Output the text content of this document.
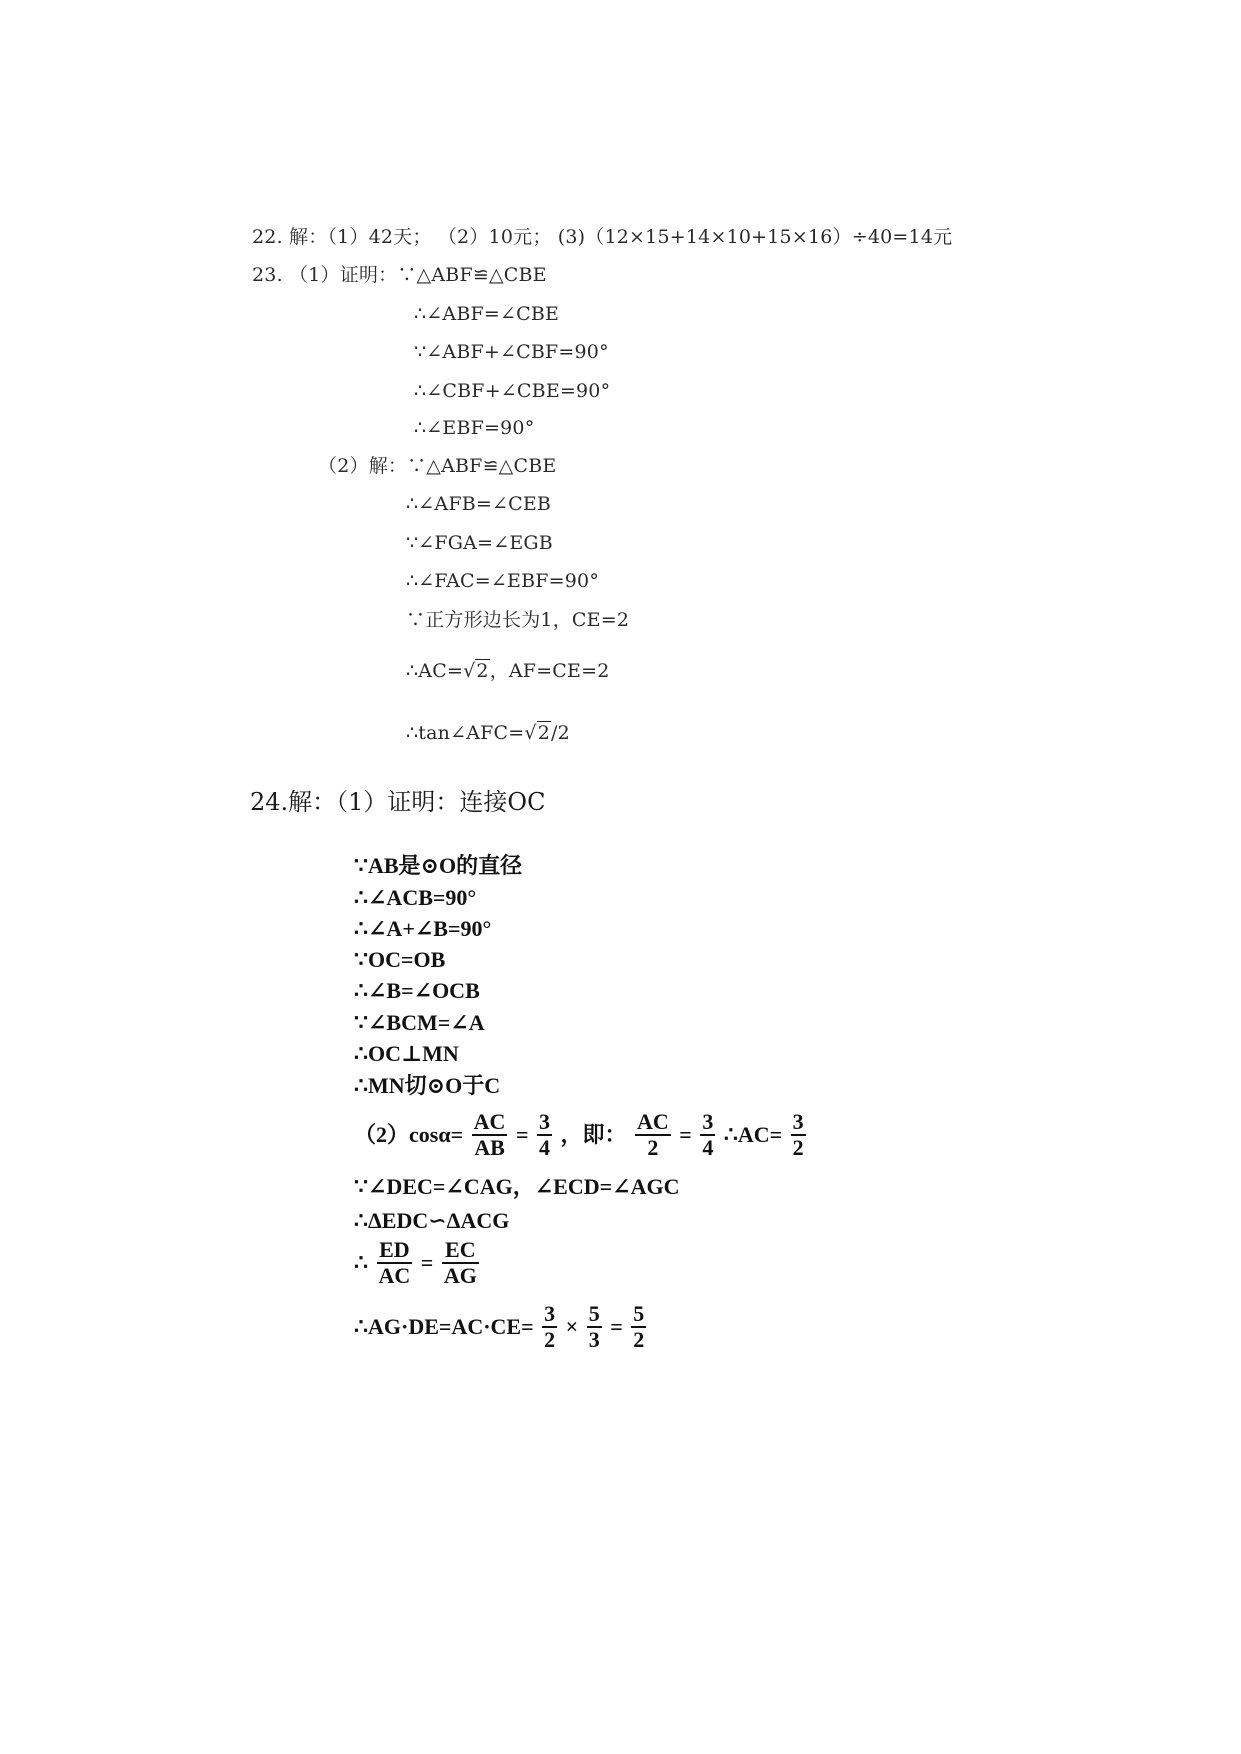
22. 解：（1）42天； （2）10元； (3)（12×15+14×10+15×16）÷40=14元
23. （1）证明：∵△ABF≌△CBE
∴∠ABF=∠CBE
∵∠ABF+∠CBF=90°
∴∠CBF+∠CBE=90°
∴∠EBF=90°
（2）解：∵△ABF≌△CBE
∴∠AFB=∠CEB
∵∠FGA=∠EGB
∴∠FAC=∠EBF=90°
∵正方形边长为1，CE=2
∴AC=√2，AF=CE=2
∴tan∠AFC=√2/2
24.解：（1）证明：连接OC
∵AB是⊙O的直径
∴∠ACB=90°
∴∠A+∠B=90°
∵OC=OB
∴∠B=∠OCB
∵∠BCM=∠A
∴OC⊥MN
∴MN切⊙O于C
$(2)\cos\alpha= \frac{AC}{AB} = \frac{3}{4}$ ，即： $\frac{AC}{2} = \frac{3}{4}$ ∴AC= $\frac{3}{2}$
∵∠DEC=∠CAG，∠ECD=∠AGC
∴ΔEDC∽ΔACG
∴ $\frac{ED}{AC} = \frac{EC}{AG}$
∴AG·DE=AC·CE= $\frac{3}{2} \times \frac{5}{3} = \frac{5}{2}$
